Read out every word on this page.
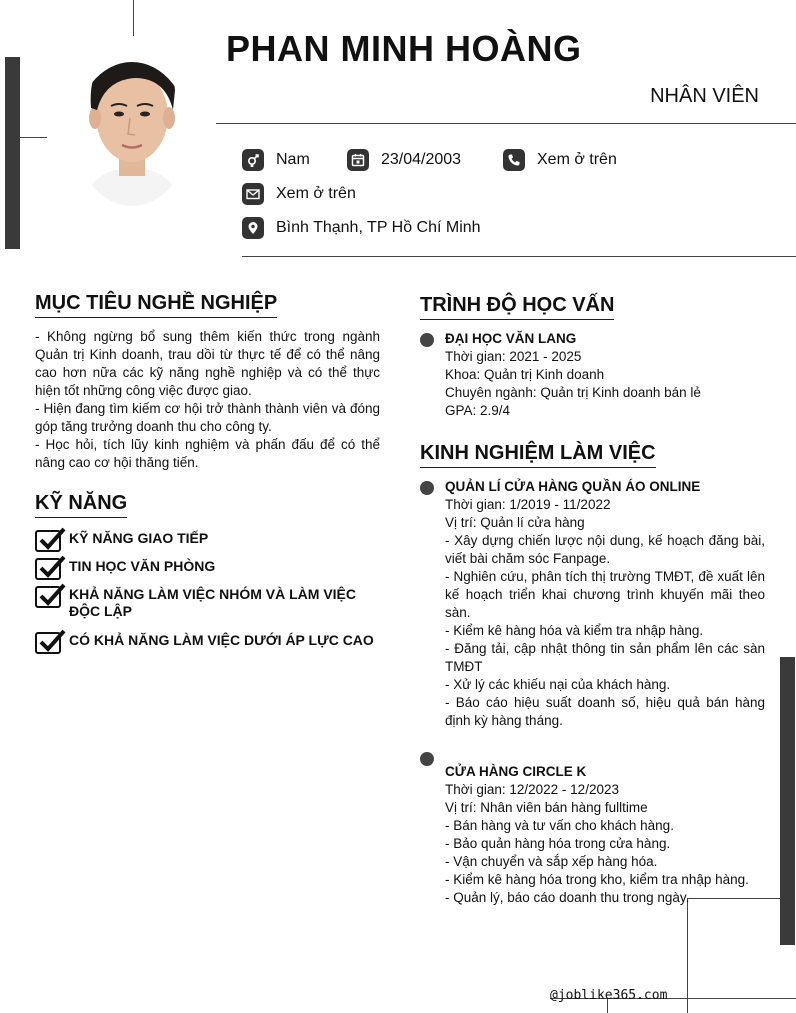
PHAN MINH HOÀNG
NHÂN VIÊN
Nam	23/04/2003	Xem ở trên
Xem ở trên
Bình Thạnh, TP Hồ Chí Minh
MỤC TIÊU NGHỀ NGHIỆP

- Không ngừng bổ sung thêm kiến thức trong ngành Quản trị Kinh doanh, trau dồi từ thực tế để có thể nâng cao hơn nữa các kỹ năng nghề nghiệp và có thể thực hiện tốt những công việc được giao.

- Hiện đang tìm kiếm cơ hội trở thành thành viên và đóng góp tăng trưởng doanh thu cho công ty.

- Học hỏi, tích lũy kinh nghiệm và phấn đấu để có thể nâng cao cơ hội thăng tiến.

KỸ NĂNG
KỸ NĂNG GIAO TIẾP
TIN HỌC VĂN PHÒNG
KHẢ NĂNG LÀM VIỆC NHÓM VÀ LÀM VIỆC ĐỘC LẬP
CÓ KHẢ NĂNG LÀM VIỆC DƯỚI ÁP LỰC CAO
TRÌNH ĐỘ HỌC VẤN

ĐẠI HỌC VĂN LANG

Thời gian: 2021 - 2025

Khoa: Quản trị Kinh doanh

Chuyên ngành: Quản trị Kinh doanh bán lẻ

GPA: 2.9/4

KINH NGHIỆM LÀM VIỆC

QUẢN LÍ CỬA HÀNG QUẦN ÁO ONLINE

Thời gian: 1/2019 - 11/2022

Vị trí: Quản lí cửa hàng

- Xây dựng chiến lược nội dung, kế hoạch đăng bài, viết bài chăm sóc Fanpage.

- Nghiên cứu, phân tích thị trường TMĐT, đề xuất lên kế hoạch triển khai chương trình khuyến mãi theo sàn.

- Kiểm kê hàng hóa và kiểm tra nhập hàng.

- Đăng tải, cập nhật thông tin sản phẩm lên các sàn TMĐT

- Xử lý các khiếu nại của khách hàng.

- Báo cáo hiệu suất doanh số, hiệu quả bán hàng định kỳ hàng tháng.

CỬA HÀNG CIRCLE K

Thời gian: 12/2022 - 12/2023

Vị trí: Nhân viên bán hàng fulltime

- Bán hàng và tư vấn cho khách hàng.

- Bảo quản hàng hóa trong cửa hàng.

- Vận chuyển và sắp xếp hàng hóa.

- Kiểm kê hàng hóa trong kho, kiểm tra nhập hàng.

- Quản lý, báo cáo doanh thu trong ngày.

@joblike365.com
